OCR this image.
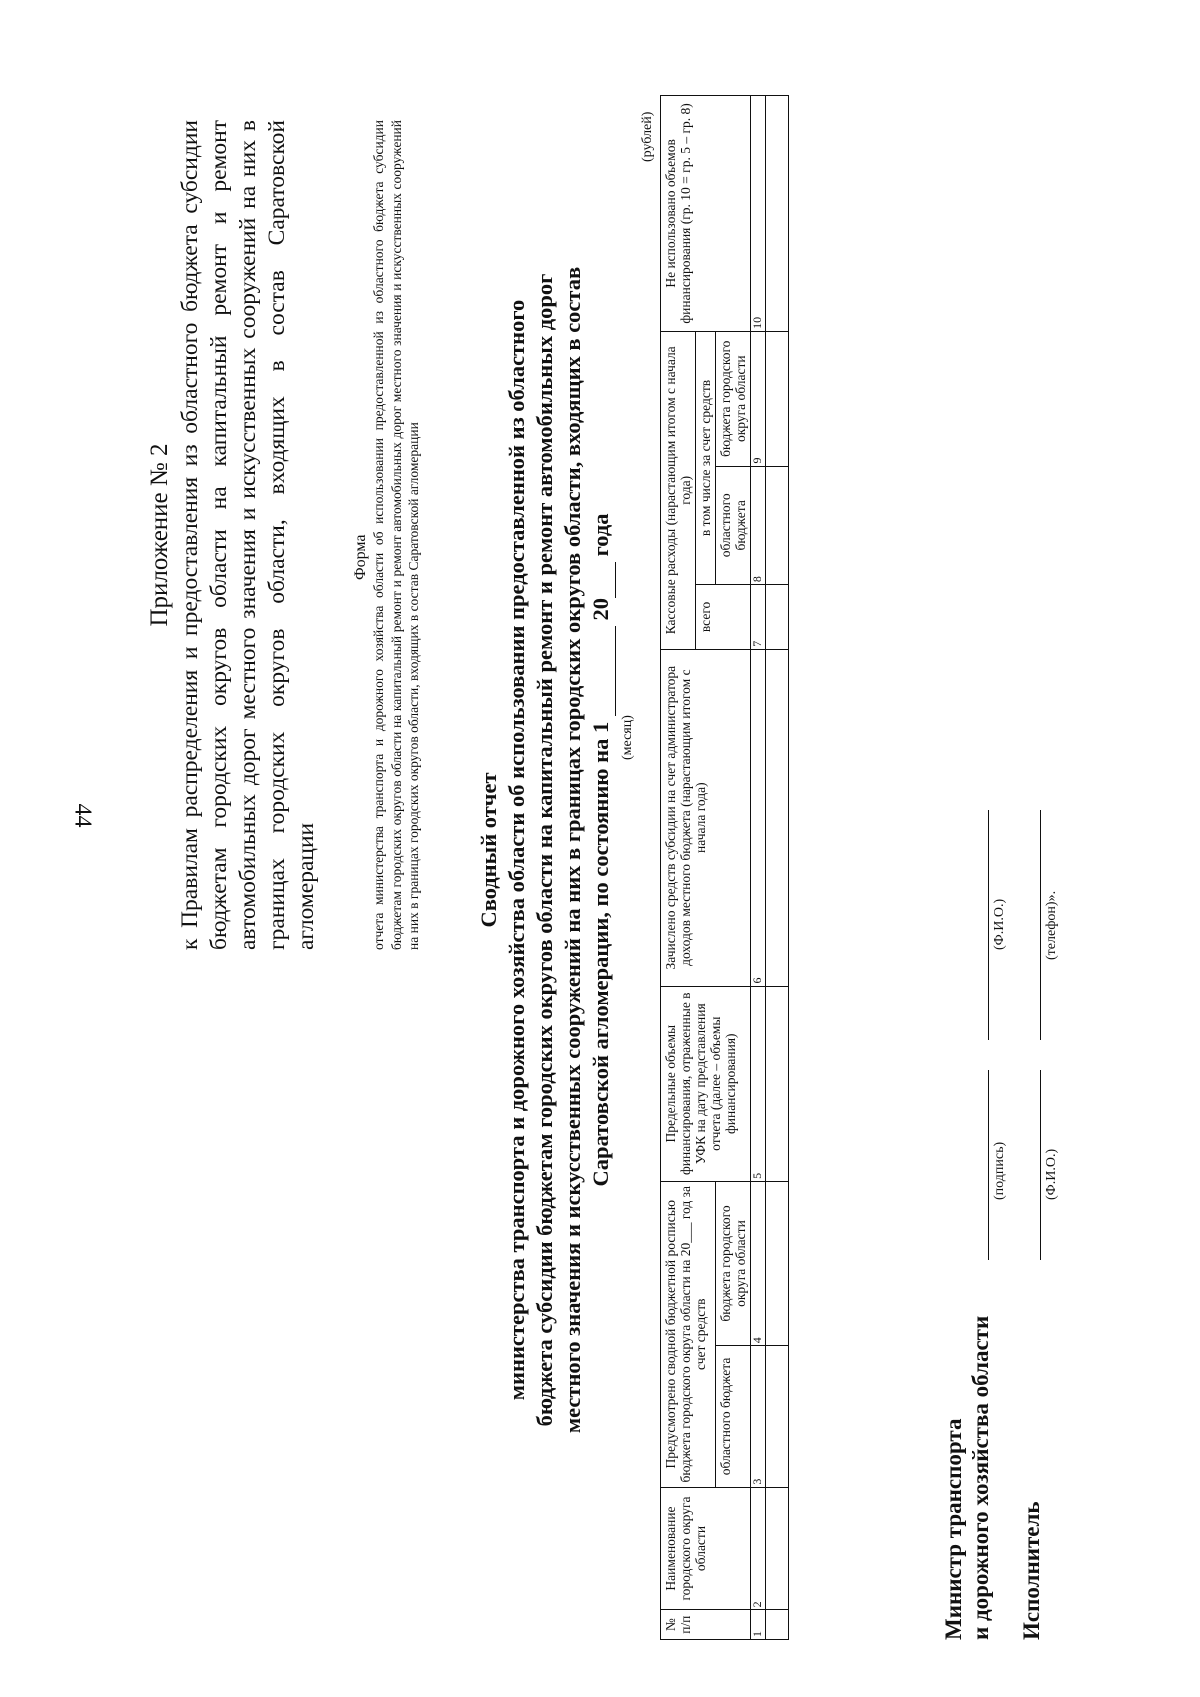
44
Приложение № 2 к Правилам распределения и предоставления из областного бюджета субсидии бюджетам городских округов области на капитальный ремонт и ремонт автомобильных дорог местного значения и искусственных сооружений на них в границах городских округов области, входящих в состав Саратовской агломерации
Форма отчета министерства транспорта и дорожного хозяйства области об использовании предоставленной из областного бюджета субсидии бюджетам городских округов области на капитальный ремонт и ремонт автомобильных дорог местного значения и искусственных сооружений на них в границах городских округов области, входящих в состав Саратовской агломерации Сводный отчет министерства транспорта и дорожного хозяйства области об использовании предоставленной из областного бюджета субсидии бюджетам городских округов области на капитальный ремонт и ремонт автомобильных дорог местного значения и искусственных сооружений на них в границах городских округов области, входящих в состав Саратовской агломерации, по состоянию на 1   20  года
(месяц)
(рублей)
№ п/п	Наименование городского округа области	Предусмотрено сводной бюджетной росписью бюджета городского округа области на 20___ год за счет средств		Предельные объемы финансирования, отраженные в УФК на дату представления отчета (далее – объемы финансирования)	Зачислено средств субсидии на счет администратора доходов местного бюджета (нарастающим итогом с начала года)	Кассовые расходы (нарастающим итогом с начала года)			Не использовано объемов финансирования (гр. 10 = гр. 5 – гр. 8)
						всего	в том числе за счет средств		
		областного бюджета	бюджета городского округа области				областного бюджета	бюджета городского округа области	
1	2	3	4	5	6	7	8	9	10

Министр транспорта и дорожного хозяйства области
(подпись)
(Ф.И.О.)
Исполнитель
(Ф.И.О.)
(телефон)».
